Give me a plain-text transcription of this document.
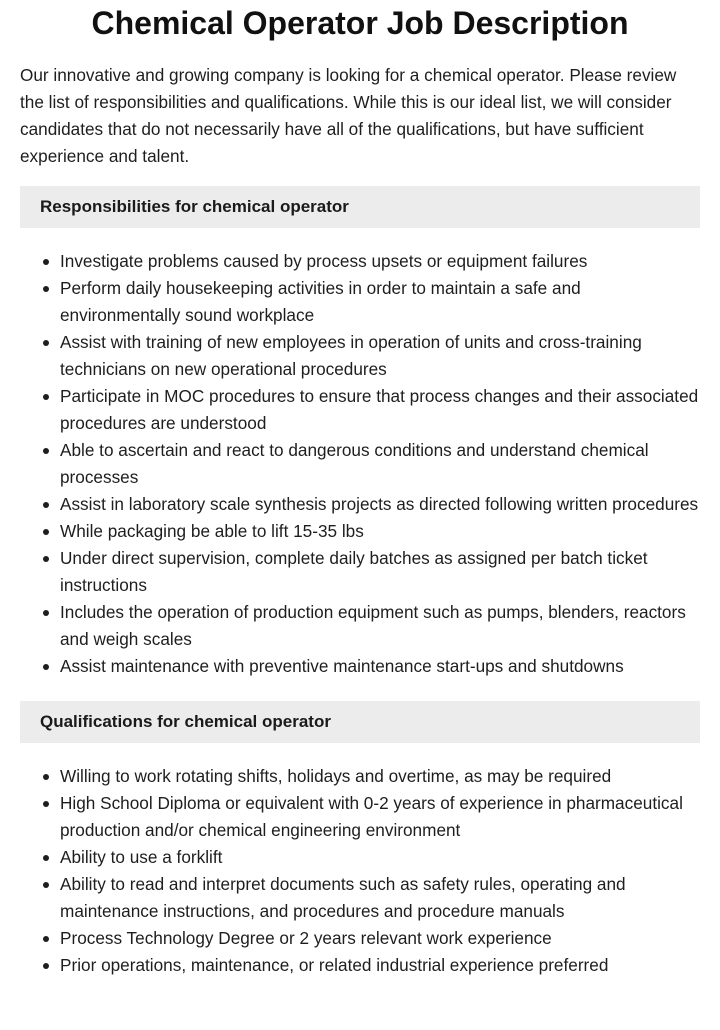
Chemical Operator Job Description

Our innovative and growing company is looking for a chemical operator. Please review the list of responsibilities and qualifications. While this is our ideal list, we will consider candidates that do not necessarily have all of the qualifications, but have sufficient experience and talent.

Responsibilities for chemical operator
Investigate problems caused by process upsets or equipment failures
Perform daily housekeeping activities in order to maintain a safe and environmentally sound workplace
Assist with training of new employees in operation of units and cross-training technicians on new operational procedures
Participate in MOC procedures to ensure that process changes and their associated procedures are understood
Able to ascertain and react to dangerous conditions and understand chemical processes
Assist in laboratory scale synthesis projects as directed following written procedures
While packaging be able to lift 15-35 lbs
Under direct supervision, complete daily batches as assigned per batch ticket instructions
Includes the operation of production equipment such as pumps, blenders, reactors and weigh scales
Assist maintenance with preventive maintenance start-ups and shutdowns
Qualifications for chemical operator
Willing to work rotating shifts, holidays and overtime, as may be required
High School Diploma or equivalent with 0-2 years of experience in pharmaceutical production and/or chemical engineering environment
Ability to use a forklift
Ability to read and interpret documents such as safety rules, operating and maintenance instructions, and procedures and procedure manuals
Process Technology Degree or 2 years relevant work experience
Prior operations, maintenance, or related industrial experience preferred
